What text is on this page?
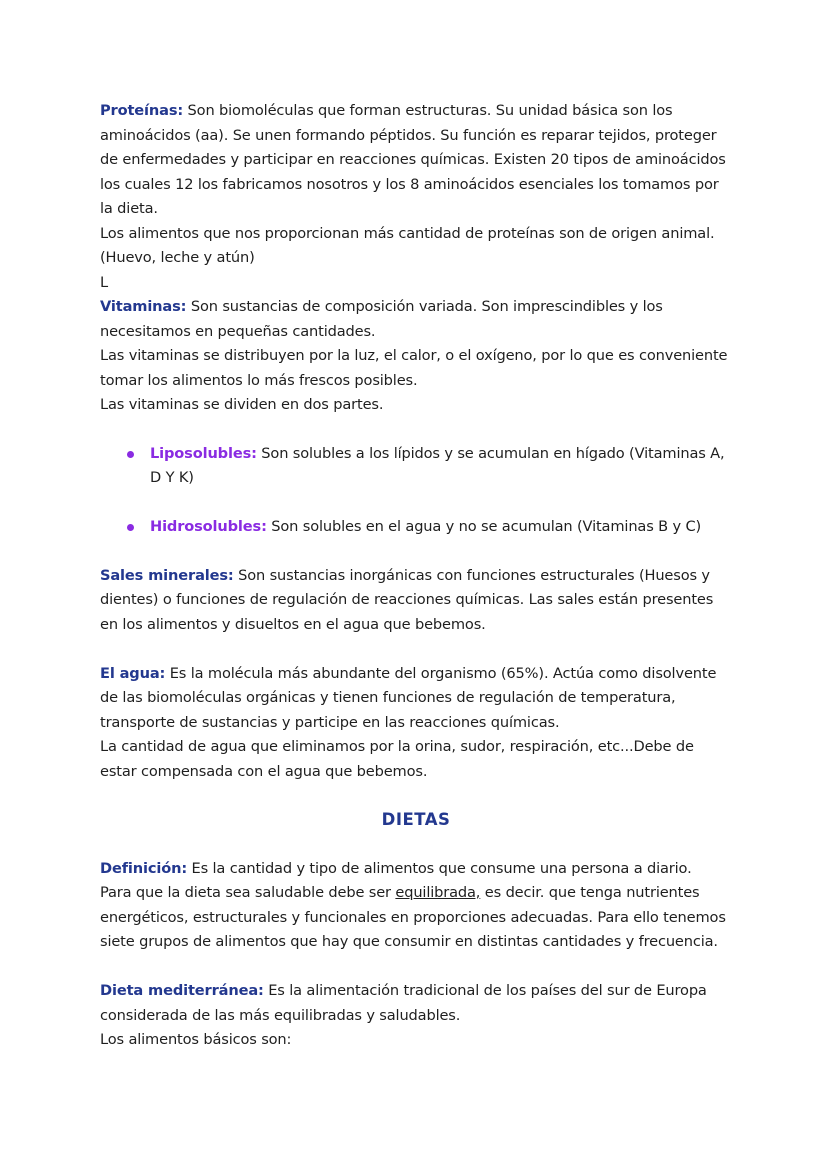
Proteínas: Son biomoléculas que forman estructuras. Su unidad básica son los aminoácidos (aa). Se unen formando péptidos. Su función es reparar tejidos, proteger de enfermedades y participar en reacciones químicas. Existen 20 tipos de aminoácidos los cuales 12 los fabricamos nosotros y los 8 aminoácidos esenciales los tomamos por la dieta.

Los alimentos que nos proporcionan más cantidad de proteínas son de origen animal. (Huevo, leche y atún)

L

Vitaminas: Son sustancias de composición variada. Son imprescindibles y los necesitamos en pequeñas cantidades.

Las vitaminas se distribuyen por la luz, el calor, o el oxígeno, por lo que es conveniente tomar los alimentos lo más frescos posibles.

Las vitaminas se dividen en dos partes.

Liposolubles: Son solubles a los lípidos y se acumulan en hígado (Vitaminas A, D Y K)
Hidrosolubles: Son solubles en el agua y no se acumulan (Vitaminas B y C)

Sales minerales: Son sustancias inorgánicas con funciones estructurales (Huesos y dientes) o funciones de regulación de reacciones químicas. Las sales están presentes en los alimentos y disueltos en el agua que bebemos.

El agua: Es la molécula más abundante del organismo (65%). Actúa como disolvente de las biomoléculas orgánicas y tienen funciones de regulación de temperatura, transporte de sustancias y participe en las reacciones químicas.

La cantidad de agua que eliminamos por la orina, sudor, respiración, etc...Debe de estar compensada con el agua que bebemos.

DIETAS

Definición: Es la cantidad y tipo de alimentos que consume una persona a diario.

Para que la dieta sea saludable debe ser equilibrada, es decir. que tenga nutrientes energéticos, estructurales y funcionales en proporciones adecuadas. Para ello tenemos siete grupos de alimentos que hay que consumir en distintas cantidades y frecuencia.

Dieta mediterránea: Es la alimentación tradicional de los países del sur de Europa considerada de las más equilibradas y saludables.

Los alimentos básicos son:
